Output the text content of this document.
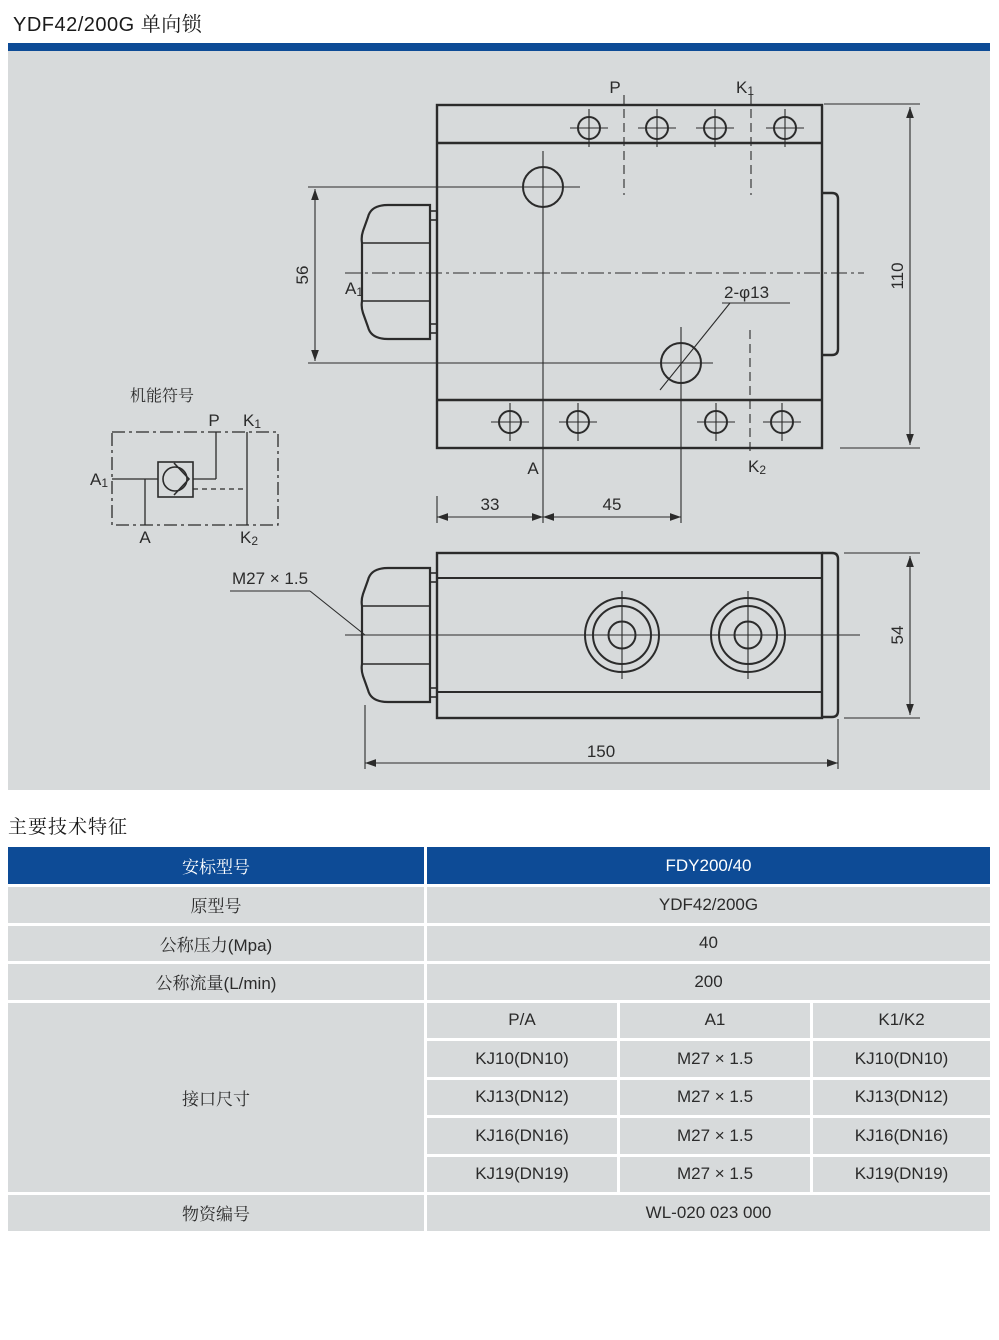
YDF42/200G 单向锁
P	K1
A1
A	K2
2-φ13
56	110
33	45
机能符号
A1
P K1
A	K2
M27 × 1.5
54
150
主要技术特征
安标型号	FDY200/40		
原型号	YDF42/200G		
公称压力(Mpa)	40		
公称流量(L/min)	200		
接口尺寸	P/A	A1	K1/K2
	KJ10(DN10)	M27 × 1.5	KJ10(DN10)
	KJ13(DN12)	M27 × 1.5	KJ13(DN12)
	KJ16(DN16)	M27 × 1.5	KJ16(DN16)
	KJ19(DN19)	M27 × 1.5	KJ19(DN19)
物资编号	WL-020 023 000		
